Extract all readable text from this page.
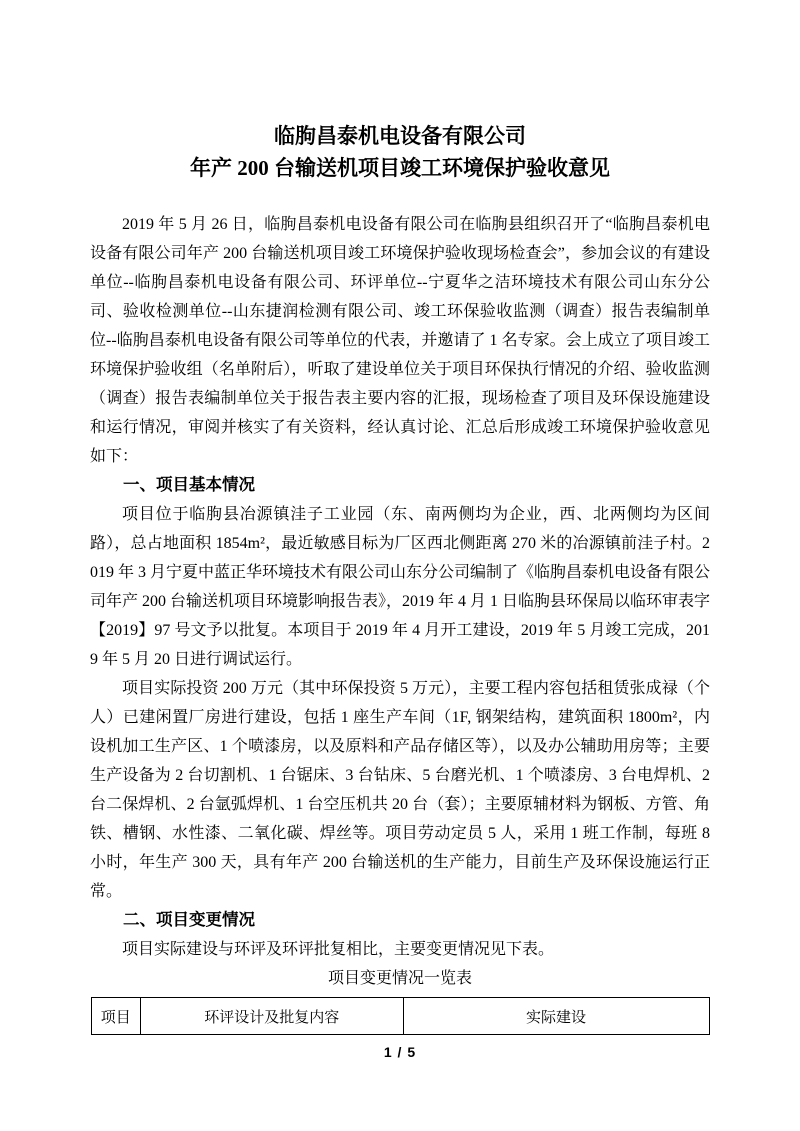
临朐昌泰机电设备有限公司
年产 200 台输送机项目竣工环境保护验收意见

2019 年 5 月 26 日，临朐昌泰机电设备有限公司在临朐县组织召开了“临朐昌泰机电设备有限公司年产 200 台输送机项目竣工环境保护验收现场检查会”，参加会议的有建设单位--临朐昌泰机电设备有限公司、环评单位--宁夏华之洁环境技术有限公司山东分公司、验收检测单位--山东捷润检测有限公司、竣工环保验收监测（调查）报告表编制单位--临朐昌泰机电设备有限公司等单位的代表，并邀请了 1 名专家。会上成立了项目竣工环境保护验收组（名单附后），听取了建设单位关于项目环保执行情况的介绍、验收监测（调查）报告表编制单位关于报告表主要内容的汇报，现场检查了项目及环保设施建设和运行情况，审阅并核实了有关资料，经认真讨论、汇总后形成竣工环境保护验收意见如下：

一、项目基本情况

项目位于临朐县冶源镇洼子工业园（东、南两侧均为企业，西、北两侧均为区间路），总占地面积 1854m²，最近敏感目标为厂区西北侧距离 270 米的冶源镇前洼子村。2019 年 3 月宁夏中蓝正华环境技术有限公司山东分公司编制了《临朐昌泰机电设备有限公司年产 200 台输送机项目环境影响报告表》，2019 年 4 月 1 日临朐县环保局以临环审表字【2019】97 号文予以批复。本项目于 2019 年 4 月开工建设，2019 年 5 月竣工完成，2019 年 5 月 20 日进行调试运行。

项目实际投资 200 万元（其中环保投资 5 万元），主要工程内容包括租赁张成禄（个人）已建闲置厂房进行建设，包括 1 座生产车间（1F, 钢架结构，建筑面积 1800m²，内设机加工生产区、1 个喷漆房，以及原料和产品存储区等），以及办公辅助用房等；主要生产设备为 2 台切割机、1 台锯床、3 台钻床、5 台磨光机、1 个喷漆房、3 台电焊机、2 台二保焊机、2 台氩弧焊机、1 台空压机共 20 台（套）；主要原辅材料为钢板、方管、角铁、槽钢、水性漆、二氧化碳、焊丝等。项目劳动定员 5 人，采用 1 班工作制，每班 8 小时，年生产 300 天，具有年产 200 台输送机的生产能力，目前生产及环保设施运行正常。

二、项目变更情况

项目实际建设与环评及环评批复相比，主要变更情况见下表。

项目变更情况一览表
项目	环评设计及批复内容	实际建设
1 / 5
